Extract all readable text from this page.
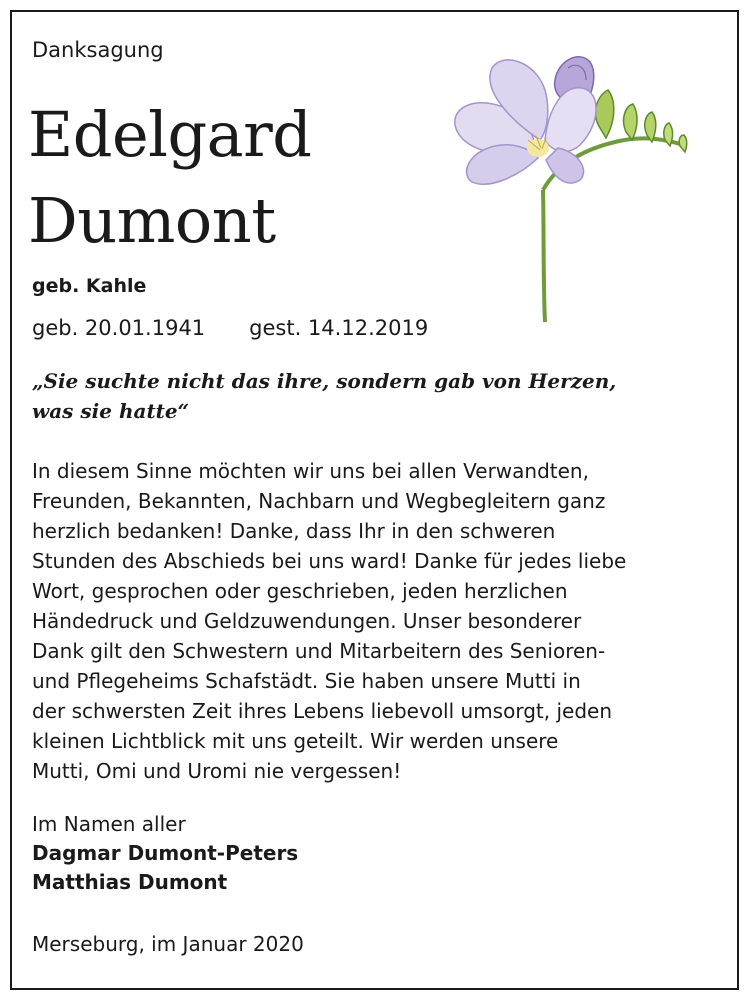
Danksagung
Edelgard
Dumont
geb. Kahle
geb. 20.01.1941 gest. 14.12.2019
„Sie suchte nicht das ihre, sondern gab von Herzen,
was sie hatte“
In diesem Sinne möchten wir uns bei allen Verwandten,
Freunden, Bekannten, Nachbarn und Wegbegleitern ganz
herzlich bedanken! Danke, dass Ihr in den schweren
Stunden des Abschieds bei uns ward! Danke für jedes liebe
Wort, gesprochen oder geschrieben, jeden herzlichen
Händedruck und Geldzuwendungen. Unser besonderer
Dank gilt den Schwestern und Mitarbeitern des Senioren-
und Pflegeheims Schafstädt. Sie haben unsere Mutti in
der schwersten Zeit ihres Lebens liebevoll umsorgt, jeden
kleinen Lichtblick mit uns geteilt. Wir werden unsere
Mutti, Omi und Uromi nie vergessen!
Im Namen aller
Dagmar Dumont-Peters
Matthias Dumont
Merseburg, im Januar 2020
